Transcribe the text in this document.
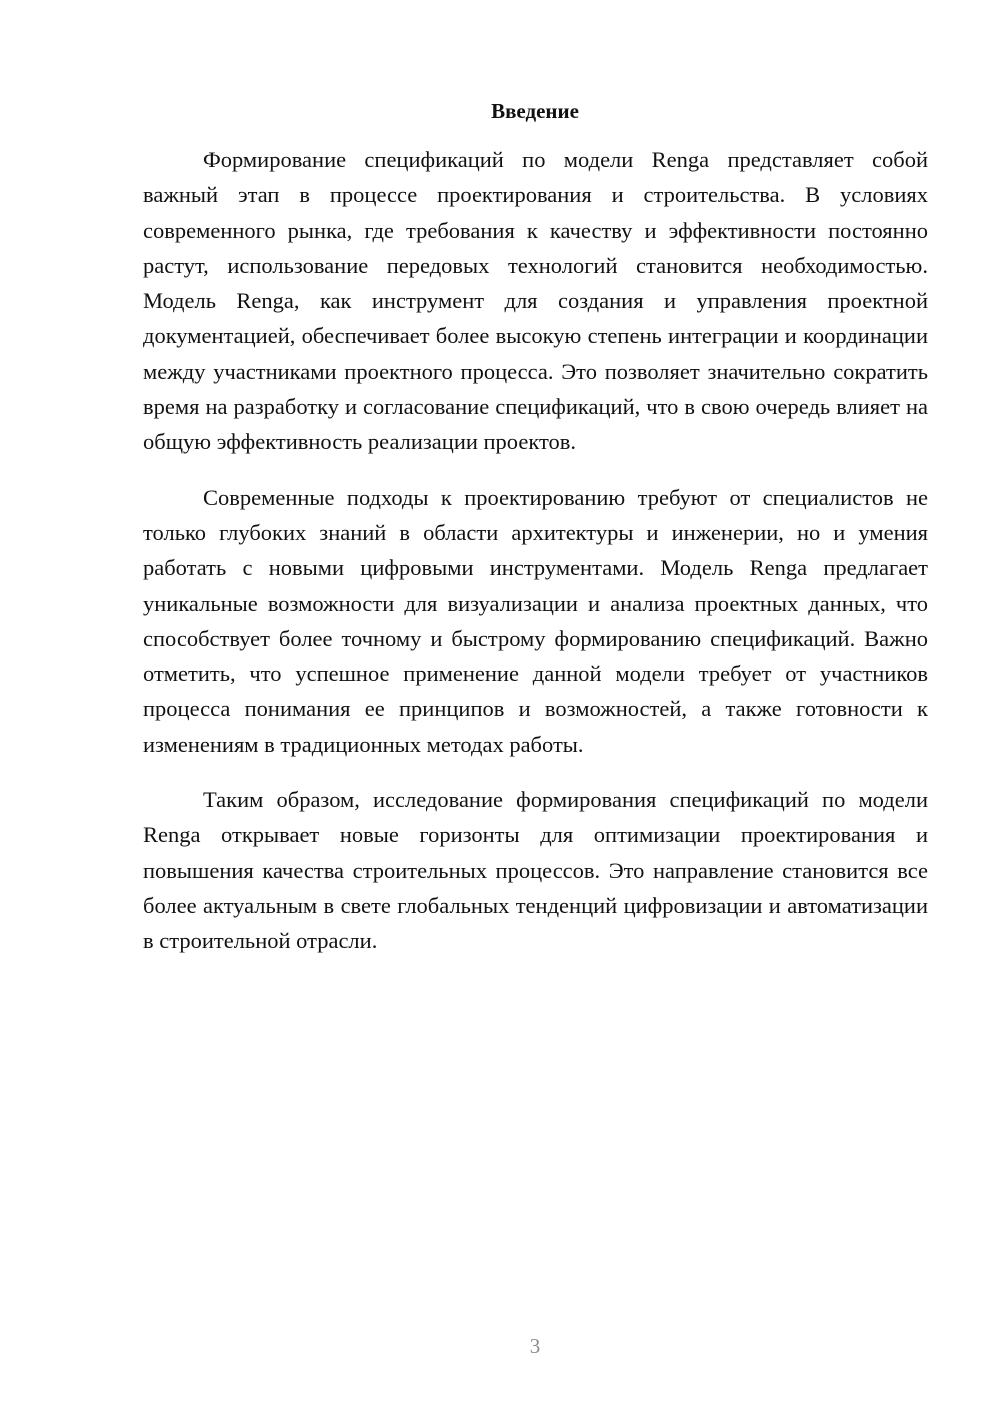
Введение

Формирование спецификаций по модели Renga представляет собой важный этап в процессе проектирования и строительства. В условиях современного рынка, где требования к качеству и эффективности постоянно растут, использование передовых технологий становится необходимостью. Модель Renga, как инструмент для создания и управления проектной документацией, обеспечивает более высокую степень интеграции и координации между участниками проектного процесса. Это позволяет значительно сократить время на разработку и согласование спецификаций, что в свою очередь влияет на общую эффективность реализации проектов.

Современные подходы к проектированию требуют от специалистов не только глубоких знаний в области архитектуры и инженерии, но и умения работать с новыми цифровыми инструментами. Модель Renga предлагает уникальные возможности для визуализации и анализа проектных данных, что способствует более точному и быстрому формированию спецификаций. Важно отметить, что успешное применение данной модели требует от участников процесса понимания ее принципов и возможностей, а также готовности к изменениям в традиционных методах работы.

Таким образом, исследование формирования спецификаций по модели Renga открывает новые горизонты для оптимизации проектирования и повышения качества строительных процессов. Это направление становится все более актуальным в свете глобальных тенденций цифровизации и автоматизации в строительной отрасли.

3
